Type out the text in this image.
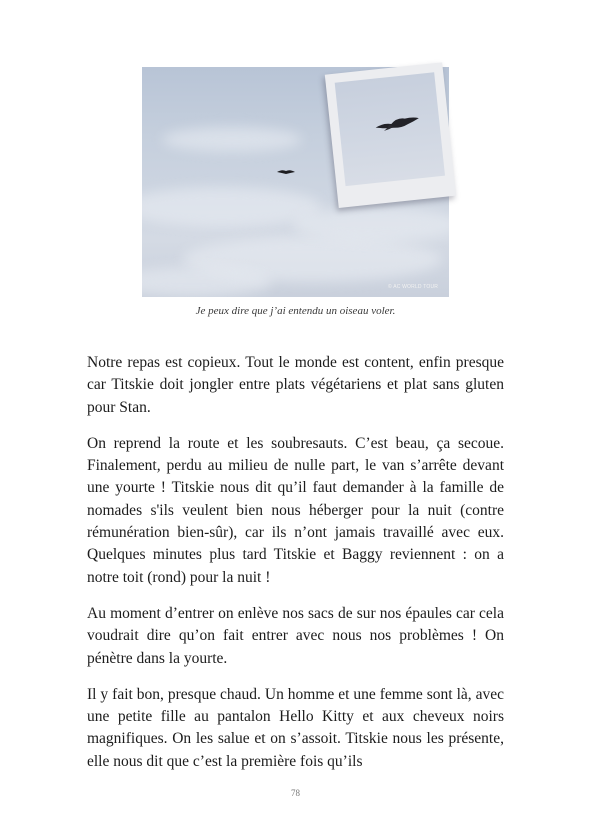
© AC WORLD TOUR
Je peux dire que j’ai entendu un oiseau voler.

Notre repas est copieux. Tout le monde est content, enfin presque car Titskie doit jongler entre plats végétariens et plat sans gluten pour Stan.

On reprend la route et les soubresauts. C’est beau, ça secoue. Finalement, perdu au milieu de nulle part, le van s’arrête devant une yourte ! Titskie nous dit qu’il faut demander à la famille de nomades s'ils veulent bien nous héberger pour la nuit (contre rémunération bien-sûr), car ils n’ont jamais travaillé avec eux. Quelques minutes plus tard Titskie et Baggy reviennent : on a notre toit (rond) pour la nuit !

Au moment d’entrer on enlève nos sacs de sur nos épaules car cela voudrait dire qu’on fait entrer avec nous nos problèmes ! On pénètre dans la yourte.

Il y fait bon, presque chaud. Un homme et une femme sont là, avec une petite fille au pantalon Hello Kitty et aux cheveux noirs magnifiques. On les salue et on s’assoit. Titskie nous les présente, elle nous dit que c’est la première fois qu’ils

78
